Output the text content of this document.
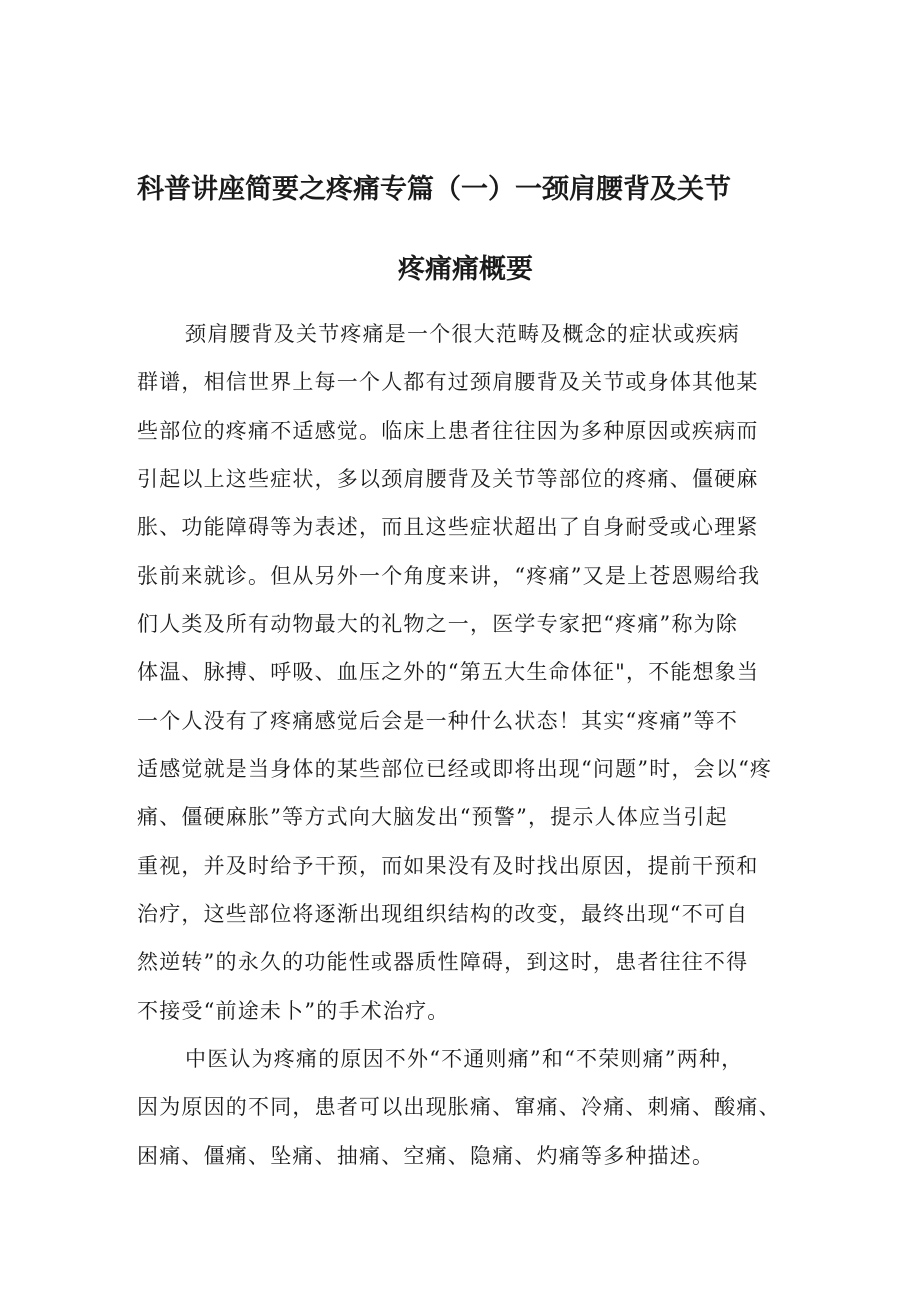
科普讲座简要之疼痛专篇（一）一颈肩腰背及关节
疼痛痛概要
颈肩腰背及关节疼痛是一个很大范畴及概念的症状或疾病
群谱，相信世界上每一个人都有过颈肩腰背及关节或身体其他某
些部位的疼痛不适感觉。临床上患者往往因为多种原因或疾病而
引起以上这些症状，多以颈肩腰背及关节等部位的疼痛、僵硬麻
胀、功能障碍等为表述，而且这些症状超出了自身耐受或心理紧
张前来就诊。但从另外一个角度来讲，“疼痛”又是上苍恩赐给我
们人类及所有动物最大的礼物之一，医学专家把“疼痛”称为除
体温、脉搏、呼吸、血压之外的“第五大生命体征"，不能想象当
一个人没有了疼痛感觉后会是一种什么状态！其实“疼痛”等不
适感觉就是当身体的某些部位已经或即将出现“问题”时，会以“疼
痛、僵硬麻胀”等方式向大脑发出“预警”，提示人体应当引起
重视，并及时给予干预，而如果没有及时找出原因，提前干预和
治疗，这些部位将逐渐出现组织结构的改变，最终出现“不可自
然逆转”的永久的功能性或器质性障碍，到这时，患者往往不得
不接受“前途未卜”的手术治疗。
中医认为疼痛的原因不外“不通则痛”和“不荣则痛”两种，
因为原因的不同，患者可以出现胀痛、窜痛、冷痛、刺痛、酸痛、
困痛、僵痛、坠痛、抽痛、空痛、隐痛、灼痛等多种描述。
